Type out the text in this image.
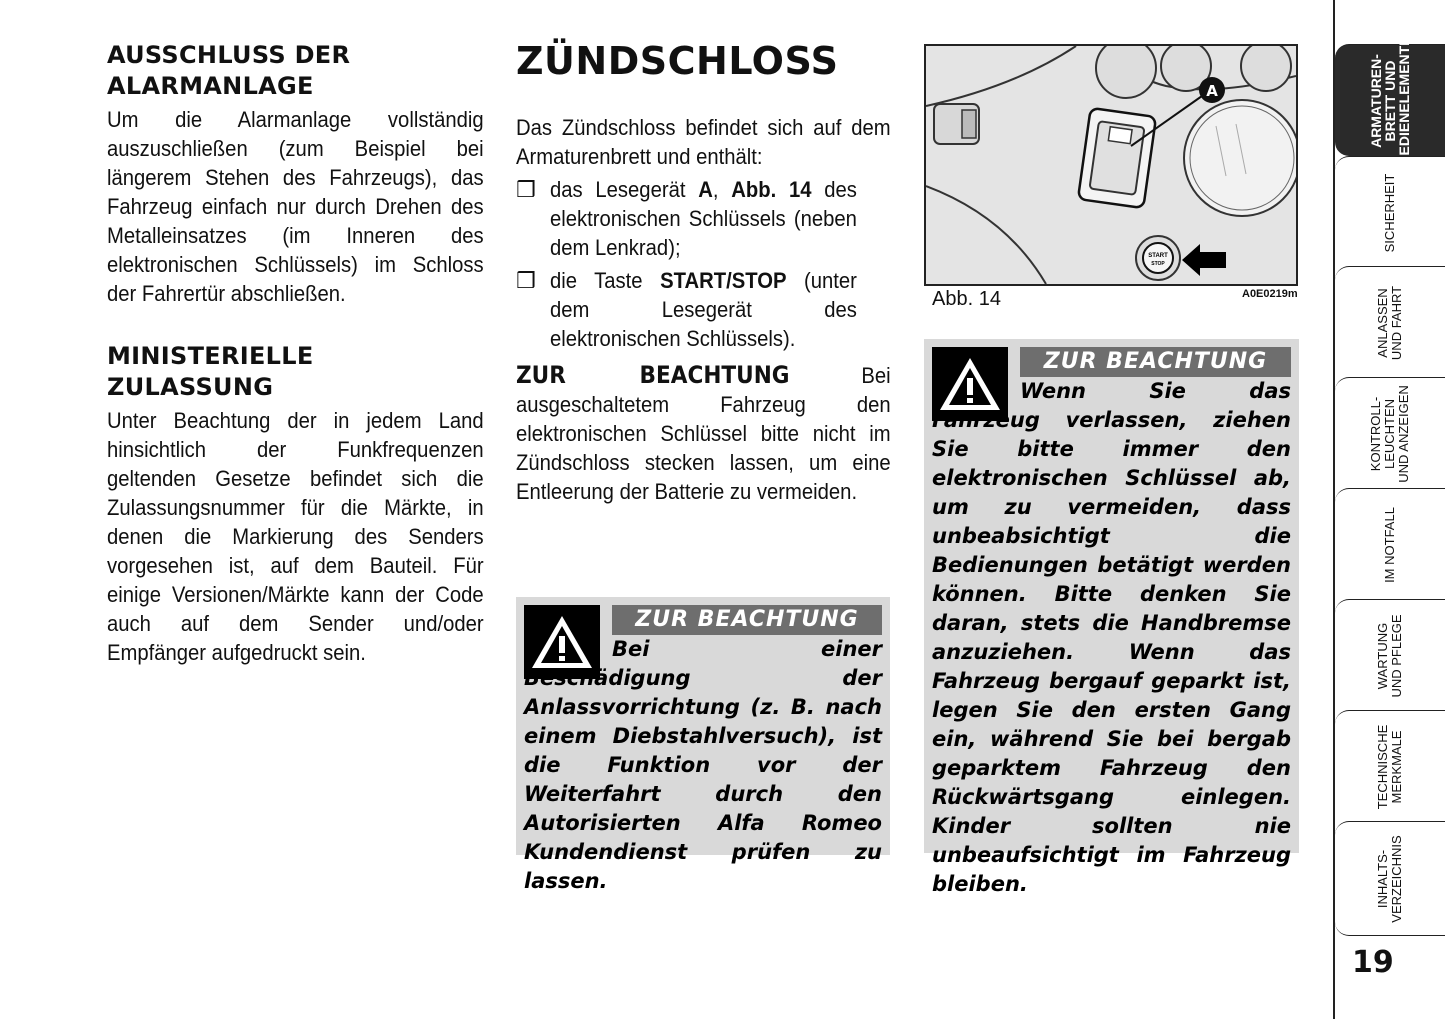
AUSSCHLUSS DER ALARMANLAGE

Um die Alarmanlage vollständig auszuschließen (zum Beispiel bei längerem Stehen des Fahrzeugs), das Fahrzeug einfach nur durch Drehen des Metalleinsatzes (im Inneren des elektronischen Schlüssels) im Schloss der Fahrertür abschließen.

MINISTERIELLE ZULASSUNG

Unter Beachtung der in jedem Land hinsichtlich der Funkfrequenzen geltenden Gesetze befindet sich die Zulassungsnummer für die Märkte, in denen die Markierung des Senders vorgesehen ist, auf dem Bauteil. Für einige Versionen/Märkte kann der Code auch auf dem Sender und/oder Empfänger aufgedruckt sein.

ZÜNDSCHLOSS

Das Zündschloss befindet sich auf dem Armaturenbrett und enthält:

❒ das Lesegerät A, Abb. 14 des elektronischen Schlüssels (neben dem Lenkrad);

❒ die Taste START/STOP (unter dem Lesegerät des elektronischen Schlüssels).

ZUR BEACHTUNG Bei ausgeschaltetem Fahrzeug den elektronischen Schlüssel bitte nicht im Zündschloss stecken lassen, um eine Entleerung der Batterie zu vermeiden.

ZUR BEACHTUNG
Bei einer Beschädigung der Anlassvorrichtung (z. B. nach einem Diebstahlversuch), ist die Funktion vor der Weiterfahrt durch den Autorisierten Alfa Romeo Kundendienst prüfen zu lassen.
A
START
STOP
Abb. 14	A0E0219m
ZUR BEACHTUNG
Wenn Sie das Fahrzeug verlassen, ziehen Sie bitte immer den elektronischen Schlüssel ab, um zu vermeiden, dass unbeabsichtigt die Bedienungen betätigt werden können. Bitte denken Sie daran, stets die Handbremse anzuziehen. Wenn das Fahrzeug bergauf geparkt ist, legen Sie den ersten Gang ein, während Sie bei bergab geparktem Fahrzeug den Rückwärtsgang einlegen. Kinder sollten nie unbeaufsichtigt im Fahrzeug bleiben.
ARMATUREN-
BRETT UND
BEDIENELEMENTE
SICHERHEIT
ANLASSEN
UND FAHRT
KONTROLL-
LEUCHTEN
UND ANZEIGEN
IM NOTFALL
WARTUNG
UND PFLEGE
TECHNISCHE
MERKMALE
INHALTS-
VERZEICHNIS
19
